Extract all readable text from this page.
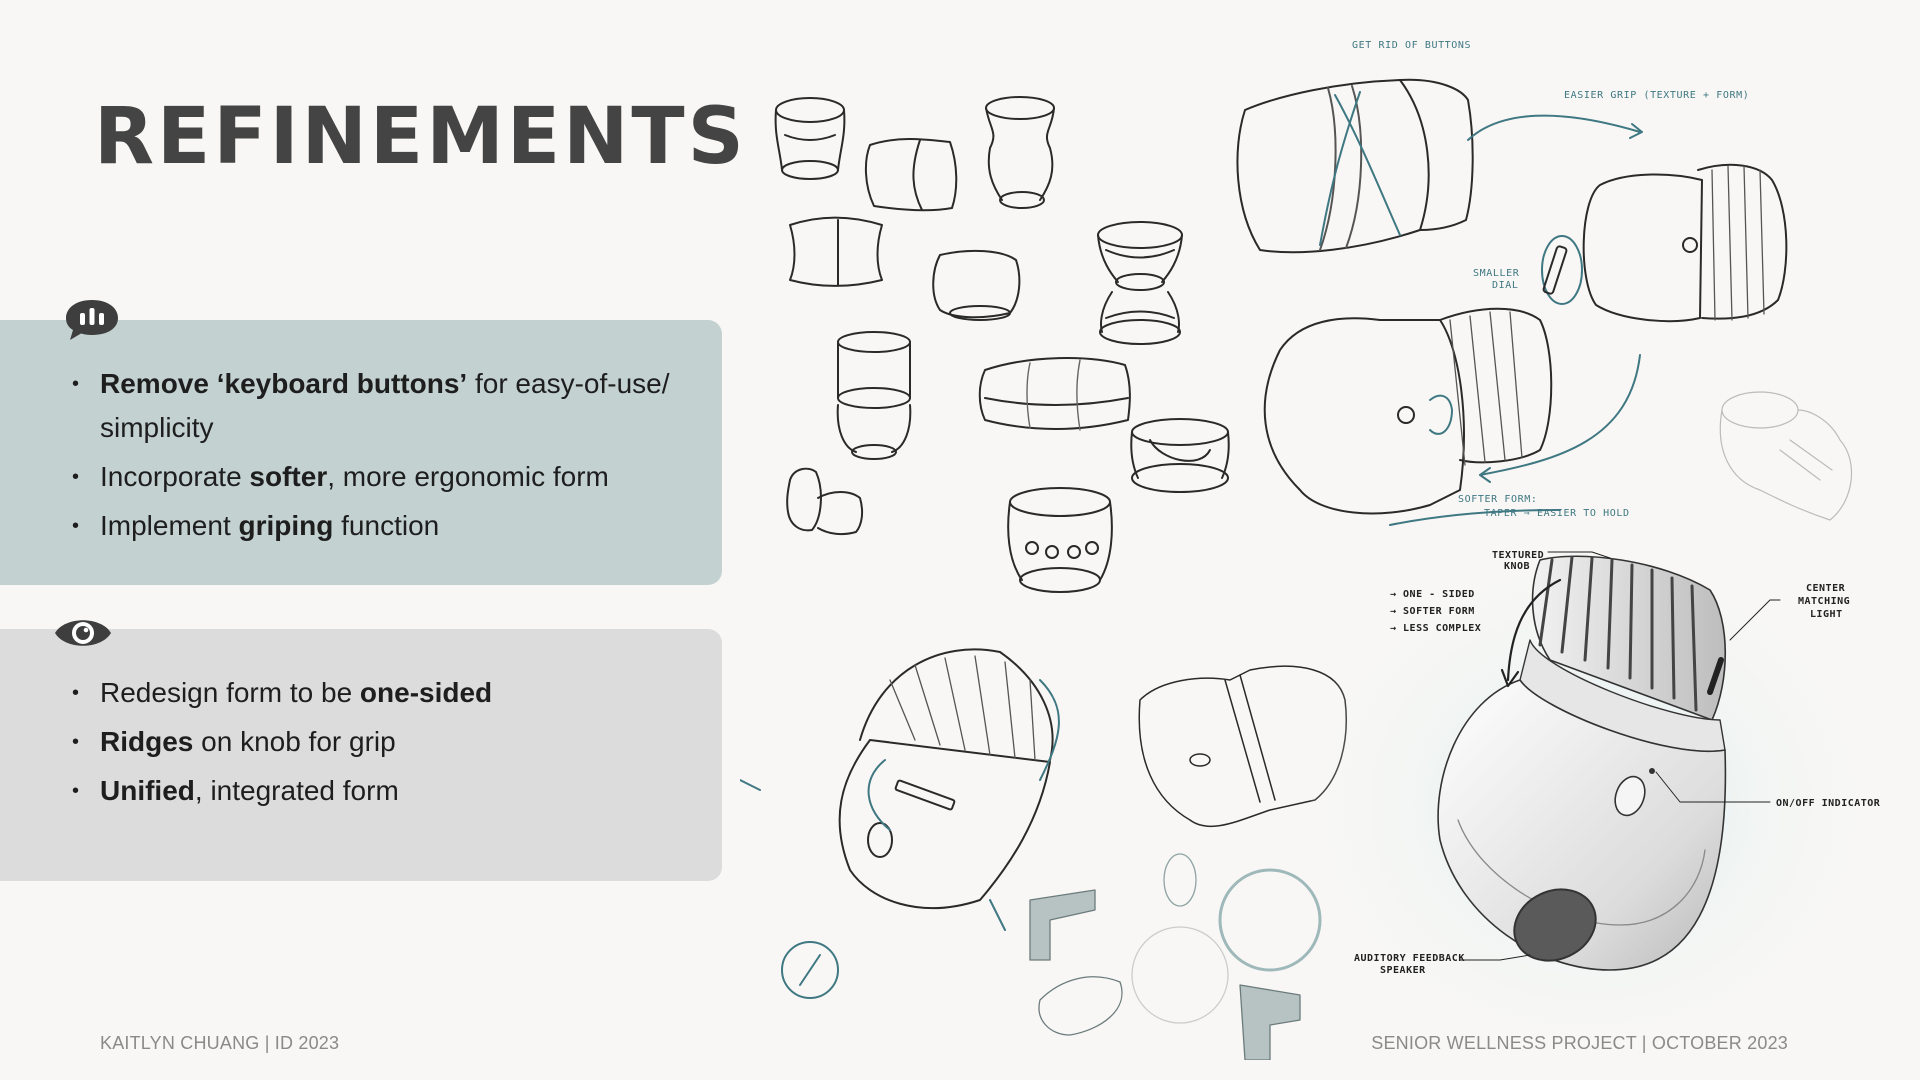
REFINEMENTS
• Remove ‘keyboard buttons’ for easy-of-use/ simplicity
• Incorporate softer, more ergonomic form
• Implement griping function
• Redesign form to be one-sided
• Ridges on knob for grip
• Unified, integrated form
GET RID OF BUTTONS
EASIER GRIP (TEXTURE + FORM)
SMALLER
DIAL
SOFTER FORM:
TAPER ⇒ EASIER TO HOLD
TEXTURED
KNOB
→ ONE - SIDED
→ SOFTER FORM
→ LESS COMPLEX
CENTER
MATCHING
LIGHT
ON/OFF INDICATOR
AUDITORY FEEDBACK
SPEAKER
KAITLYN CHUANG | ID 2023	SENIOR WELLNESS PROJECT | OCTOBER 2023
